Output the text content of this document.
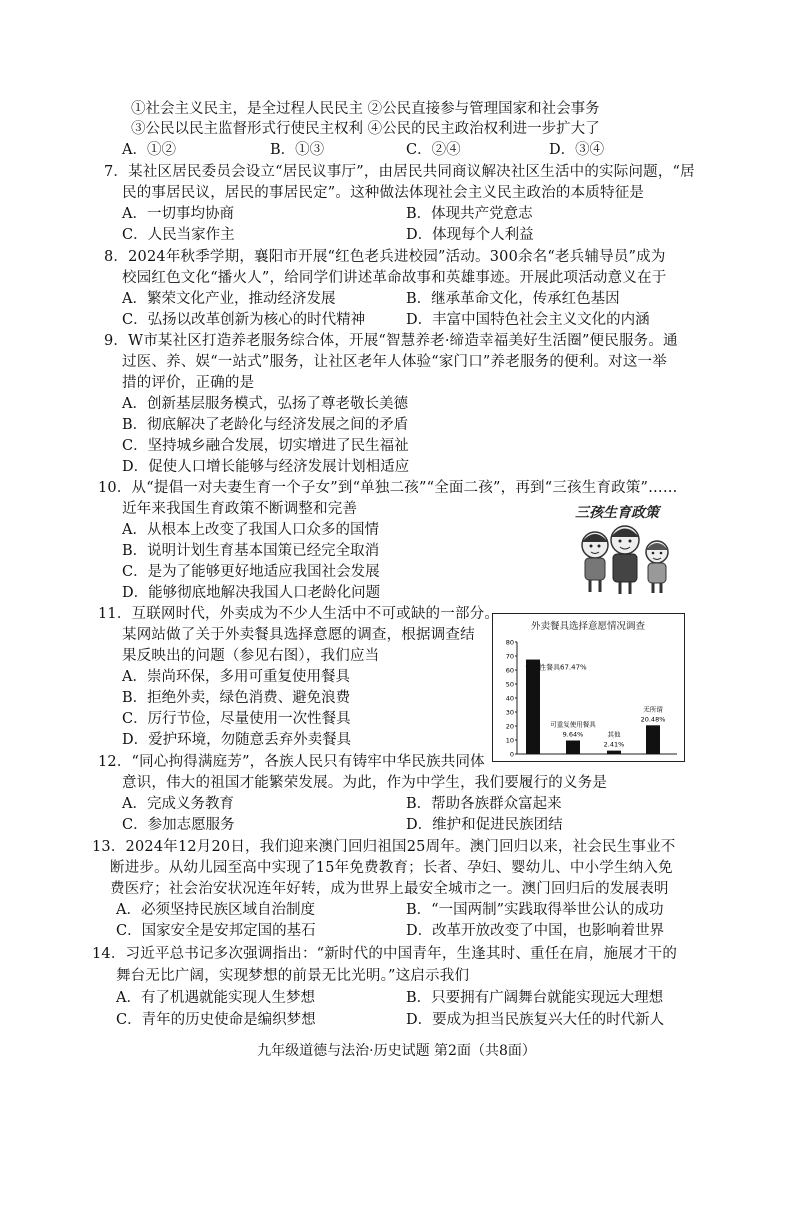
①社会主义民主，是全过程人民民主 ②公民直接参与管理国家和社会事务
③公民以民主监督形式行使民主权利 ④公民的民主政治权利进一步扩大了
A．①②	B．①③	C．②④	D．③④
7．某社区居民委员会设立“居民议事厅”，由居民共同商议解决社区生活中的实际问题，“居
民的事居民议，居民的事居民定”。这种做法体现社会主义民主政治的本质特征是
A．一切事均协商	B．体现共产党意志
C．人民当家作主	D．体现每个人利益
8．2024年秋季学期，襄阳市开展“红色老兵进校园”活动。300余名“老兵辅导员”成为
校园红色文化“播火人”，给同学们讲述革命故事和英雄事迹。开展此项活动意义在于
A．繁荣文化产业，推动经济发展	B．继承革命文化，传承红色基因
C．弘扬以改革创新为核心的时代精神	D．丰富中国特色社会主义文化的内涵
9．W市某社区打造养老服务综合体，开展“智慧养老·缔造幸福美好生活圈”便民服务。通
过医、养、娱“一站式”服务，让社区老年人体验“家门口”养老服务的便利。对这一举
措的评价，正确的是
A．创新基层服务模式，弘扬了尊老敬长美德
B．彻底解决了老龄化与经济发展之间的矛盾
C．坚持城乡融合发展，切实增进了民生福祉
D．促使人口增长能够与经济发展计划相适应
10．从“提倡一对夫妻生育一个子女”到“单独二孩”“全面二孩”，再到“三孩生育政策”……
近年来我国生育政策不断调整和完善
A．从根本上改变了我国人口众多的国情
B．说明计划生育基本国策已经完全取消
C．是为了能够更好地适应我国社会发展
D．能够彻底地解决我国人口老龄化问题
三孩生育政策
11．互联网时代，外卖成为不少人生活中不可或缺的一部分。
某网站做了关于外卖餐具选择意愿的调查，根据调查结
果反映出的问题（参见右图），我们应当
A．崇尚环保，多用可重复使用餐具
B．拒绝外卖，绿色消费、避免浪费
C．厉行节俭，尽量使用一次性餐具
D．爱护环境，勿随意丢弃外卖餐具
外卖餐具选择意愿情况调查
0
10
20
30
40
50
60
70
80
一次性餐具67.47%
9.64%
可重复使用餐具
2.41%
其他
20.48%
无所谓
12．“同心拘得满庭芳”，各族人民只有铸牢中华民族共同体
意识，伟大的祖国才能繁荣发展。为此，作为中学生，我们要履行的义务是
A．完成义务教育	B．帮助各族群众富起来
C．参加志愿服务	D．维护和促进民族团结
13．2024年12月20日，我们迎来澳门回归祖国25周年。澳门回归以来，社会民生事业不
断进步。从幼儿园至高中实现了15年免费教育；长者、孕妇、婴幼儿、中小学生纳入免
费医疗；社会治安状况连年好转，成为世界上最安全城市之一。澳门回归后的发展表明
A．必须坚持民族区域自治制度	B．“一国两制”实践取得举世公认的成功
C．国家安全是安邦定国的基石	D．改革开放改变了中国，也影响着世界
14．习近平总书记多次强调指出：“新时代的中国青年，生逢其时、重任在肩，施展才干的
舞台无比广阔，实现梦想的前景无比光明。”这启示我们
A．有了机遇就能实现人生梦想	B．只要拥有广阔舞台就能实现远大理想
C．青年的历史使命是编织梦想	D．要成为担当民族复兴大任的时代新人
九年级道德与法治·历史试题 第2面（共8面）
